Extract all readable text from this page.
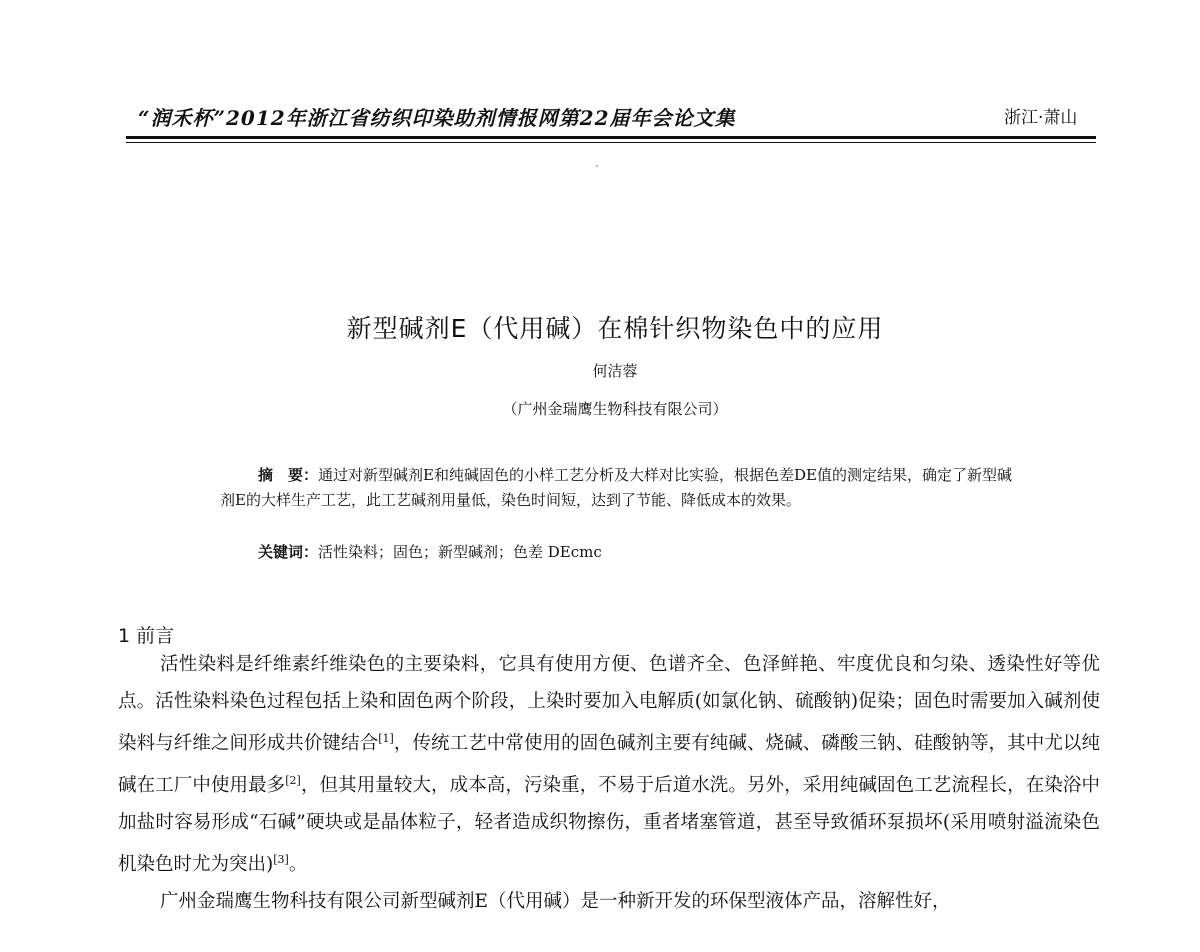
“润禾杯”2012年浙江省纺织印染助剂情报网第22届年会论文集	浙江·萧山
新型碱剂E（代用碱）在棉针织物染色中的应用
何洁蓉
（广州金瑞鹰生物科技有限公司）
摘　要：通过对新型碱剂E和纯碱固色的小样工艺分析及大样对比实验，根据色差DE值的测定结果，确定了新型碱剂E的大样生产工艺，此工艺碱剂用量低，染色时间短，达到了节能、降低成本的效果。
关键词：活性染料；固色；新型碱剂；色差 DEcmc
1 前言

活性染料是纤维素纤维染色的主要染料，它具有使用方便、色谱齐全、色泽鲜艳、牢度优良和匀染、透染性好等优点。活性染料染色过程包括上染和固色两个阶段，上染时要加入电解质(如氯化钠、硫酸钠)促染；固色时需要加入碱剂使染料与纤维之间形成共价键结合[1]，传统工艺中常使用的固色碱剂主要有纯碱、烧碱、磷酸三钠、硅酸钠等，其中尤以纯碱在工厂中使用最多[2]，但其用量较大，成本高，污染重，不易于后道水洗。另外，采用纯碱固色工艺流程长，在染浴中加盐时容易形成“石碱”硬块或是晶体粒子，轻者造成织物擦伤，重者堵塞管道，甚至导致循环泵损坏(采用喷射溢流染色机染色时尤为突出)[3]。

广州金瑞鹰生物科技有限公司新型碱剂E（代用碱）是一种新开发的环保型液体产品，溶解性好，
